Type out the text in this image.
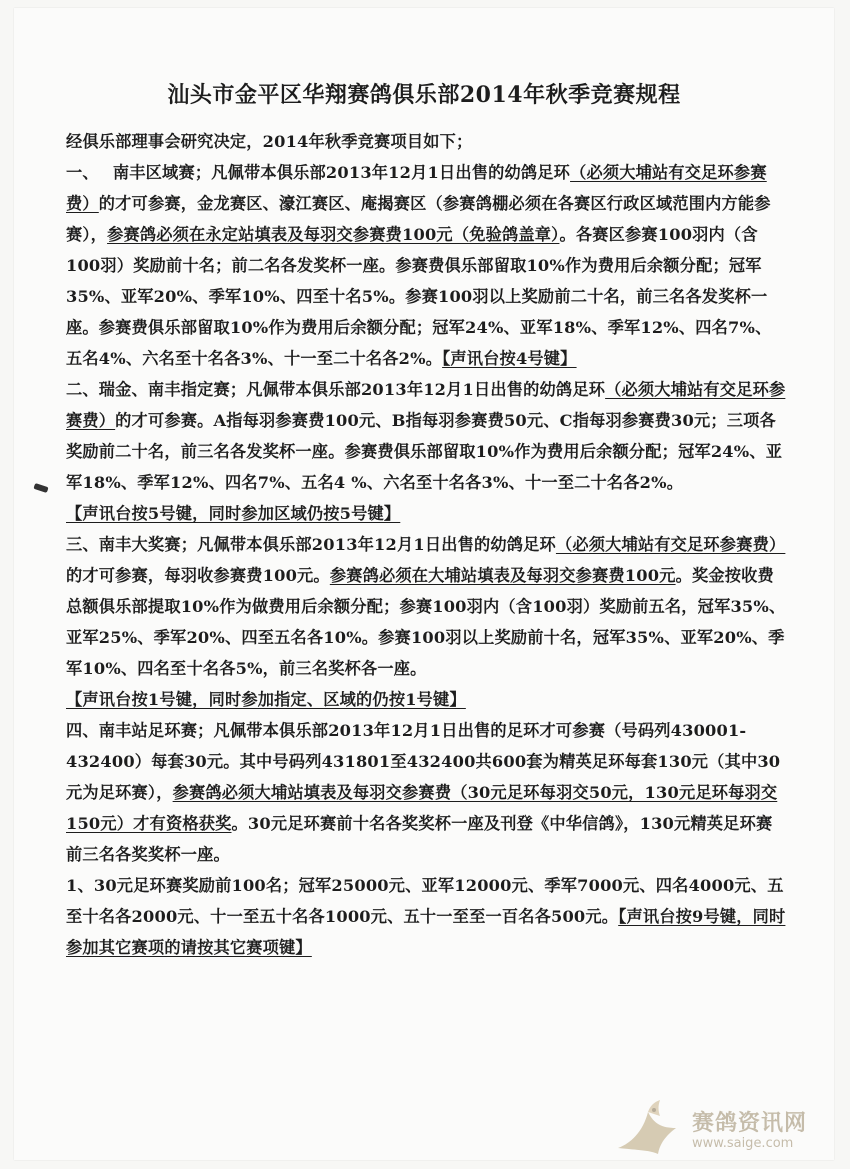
汕头市金平区华翔赛鸽俱乐部2014年秋季竞赛规程

经俱乐部理事会研究决定，2014年秋季竞赛项目如下；

一、　 南丰区域赛；凡佩带本俱乐部2013年12月1日出售的幼鸽足环（必须大埔站有交足环参赛费）的才可参赛，金龙赛区、濠江赛区、庵揭赛区（参赛鸽棚必须在各赛区行政区域范围内方能参赛），参赛鸽必须在永定站填表及每羽交参赛费100元（免验鸽盖章）。各赛区参赛100羽内（含100羽）奖励前十名；前二名各发奖杯一座。参赛费俱乐部留取10%作为费用后余额分配；冠军35%、亚军20%、季军10%、四至十名5%。参赛100羽以上奖励前二十名，前三名各发奖杯一座。参赛费俱乐部留取10%作为费用后余额分配；冠军24%、亚军18%、季军12%、四名7%、五名4%、六名至十名各3%、十一至二十名各2%。【声讯台按4号键】

二、瑞金、南丰指定赛；凡佩带本俱乐部2013年12月1日出售的幼鸽足环（必须大埔站有交足环参赛费）的才可参赛。A指每羽参赛费100元、B指每羽参赛费50元、C指每羽参赛费30元；三项各奖励前二十名，前三名各发奖杯一座。参赛费俱乐部留取10%作为费用后余额分配；冠军24%、亚军18%、季军12%、四名7%、五名4 %、六名至十名各3%、十一至二十名各2%。

【声讯台按5号键，同时参加区域仍按5号键】

三、南丰大奖赛；凡佩带本俱乐部2013年12月1日出售的幼鸽足环（必须大埔站有交足环参赛费）的才可参赛，每羽收参赛费100元。参赛鸽必须在大埔站填表及每羽交参赛费100元。奖金按收费总额俱乐部提取10%作为做费用后余额分配；参赛100羽内（含100羽）奖励前五名，冠军35%、亚军25%、季军20%、四至五名各10%。参赛100羽以上奖励前十名，冠军35%、亚军20%、季军10%、四名至十名各5%，前三名奖杯各一座。

【声讯台按1号键，同时参加指定、区域的仍按1号键】

四、南丰站足环赛；凡佩带本俱乐部2013年12月1日出售的足环才可参赛（号码列430001-432400）每套30元。其中号码列431801至432400共600套为精英足环每套130元（其中30元为足环赛），参赛鸽必须大埔站填表及每羽交参赛费（30元足环每羽交50元，130元足环每羽交150元）才有资格获奖。30元足环赛前十名各奖奖杯一座及刊登《中华信鸽》，130元精英足环赛前三名各奖奖杯一座。

1、30元足环赛奖励前100名；冠军25000元、亚军12000元、季军7000元、四名4000元、五至十名各2000元、十一至五十名各1000元、五十一至至一百名各500元。【声讯台按9号键，同时参加其它赛项的请按其它赛项键】

赛鸽资讯网
www.saige.com
